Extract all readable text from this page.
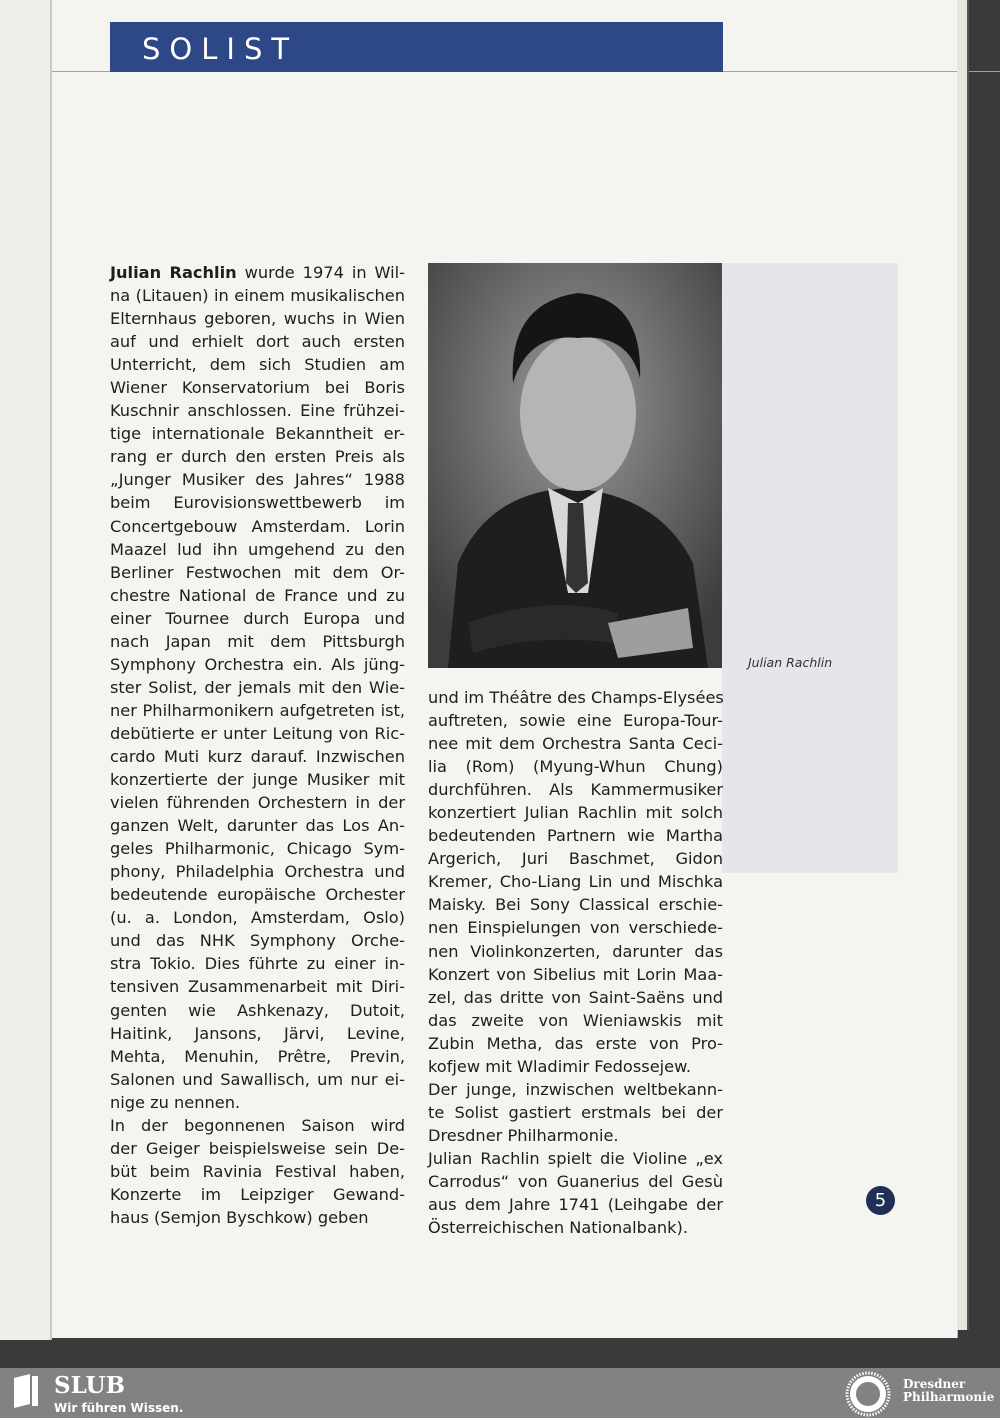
SOLIST
Julian Rachlin
Julian Rachlin wurde 1974 in Wil-
na (Litauen) in einem musikalischen
Elternhaus geboren, wuchs in Wien
auf und erhielt dort auch ersten
Unterricht, dem sich Studien am
Wiener Konservatorium bei Boris
Kuschnir anschlossen. Eine frühzei-
tige internationale Bekanntheit er-
rang er durch den ersten Preis als
„Junger Musiker des Jahres“ 1988
beim Eurovisionswettbewerb im
Concertgebouw Amsterdam. Lorin
Maazel lud ihn umgehend zu den
Berliner Festwochen mit dem Or-
chestre National de France und zu
einer Tournee durch Europa und
nach Japan mit dem Pittsburgh
Symphony Orchestra ein. Als jüng-
ster Solist, der jemals mit den Wie-
ner Philharmonikern aufgetreten ist,
debütierte er unter Leitung von Ric-
cardo Muti kurz darauf. Inzwischen
konzertierte der junge Musiker mit
vielen führenden Orchestern in der
ganzen Welt, darunter das Los An-
geles Philharmonic, Chicago Sym-
phony, Philadelphia Orchestra und
bedeutende europäische Orchester
(u. a. London, Amsterdam, Oslo)
und das NHK Symphony Orche-
stra Tokio. Dies führte zu einer in-
tensiven Zusammenarbeit mit Diri-
genten wie Ashkenazy, Dutoit,
Haitink, Jansons, Järvi, Levine,
Mehta, Menuhin, Prêtre, Previn,
Salonen und Sawallisch, um nur ei-
nige zu nennen.
In der begonnenen Saison wird
der Geiger beispielsweise sein De-
büt beim Ravinia Festival haben,
Konzerte im Leipziger Gewand-
haus (Semjon Byschkow) geben
und im Théâtre des Champs-Elysées
auftreten, sowie eine Europa-Tour-
nee mit dem Orchestra Santa Ceci-
lia (Rom) (Myung-Whun Chung)
durchführen. Als Kammermusiker
konzertiert Julian Rachlin mit solch
bedeutenden Partnern wie Martha
Argerich, Juri Baschmet, Gidon
Kremer, Cho-Liang Lin und Mischka
Maisky. Bei Sony Classical erschie-
nen Einspielungen von verschiede-
nen Violinkonzerten, darunter das
Konzert von Sibelius mit Lorin Maa-
zel, das dritte von Saint-Saëns und
das zweite von Wieniawskis mit
Zubin Metha, das erste von Pro-
kofjew mit Wladimir Fedossejew.
Der junge, inzwischen weltbekann-
te Solist gastiert erstmals bei der
Dresdner Philharmonie.
Julian Rachlin spielt die Violine „ex
Carrodus“ von Guanerius del Gesù
aus dem Jahre 1741 (Leihgabe der
Österreichischen Nationalbank).
5
SLUB
Wir führen Wissen.
Dresdner
Philharmonie
